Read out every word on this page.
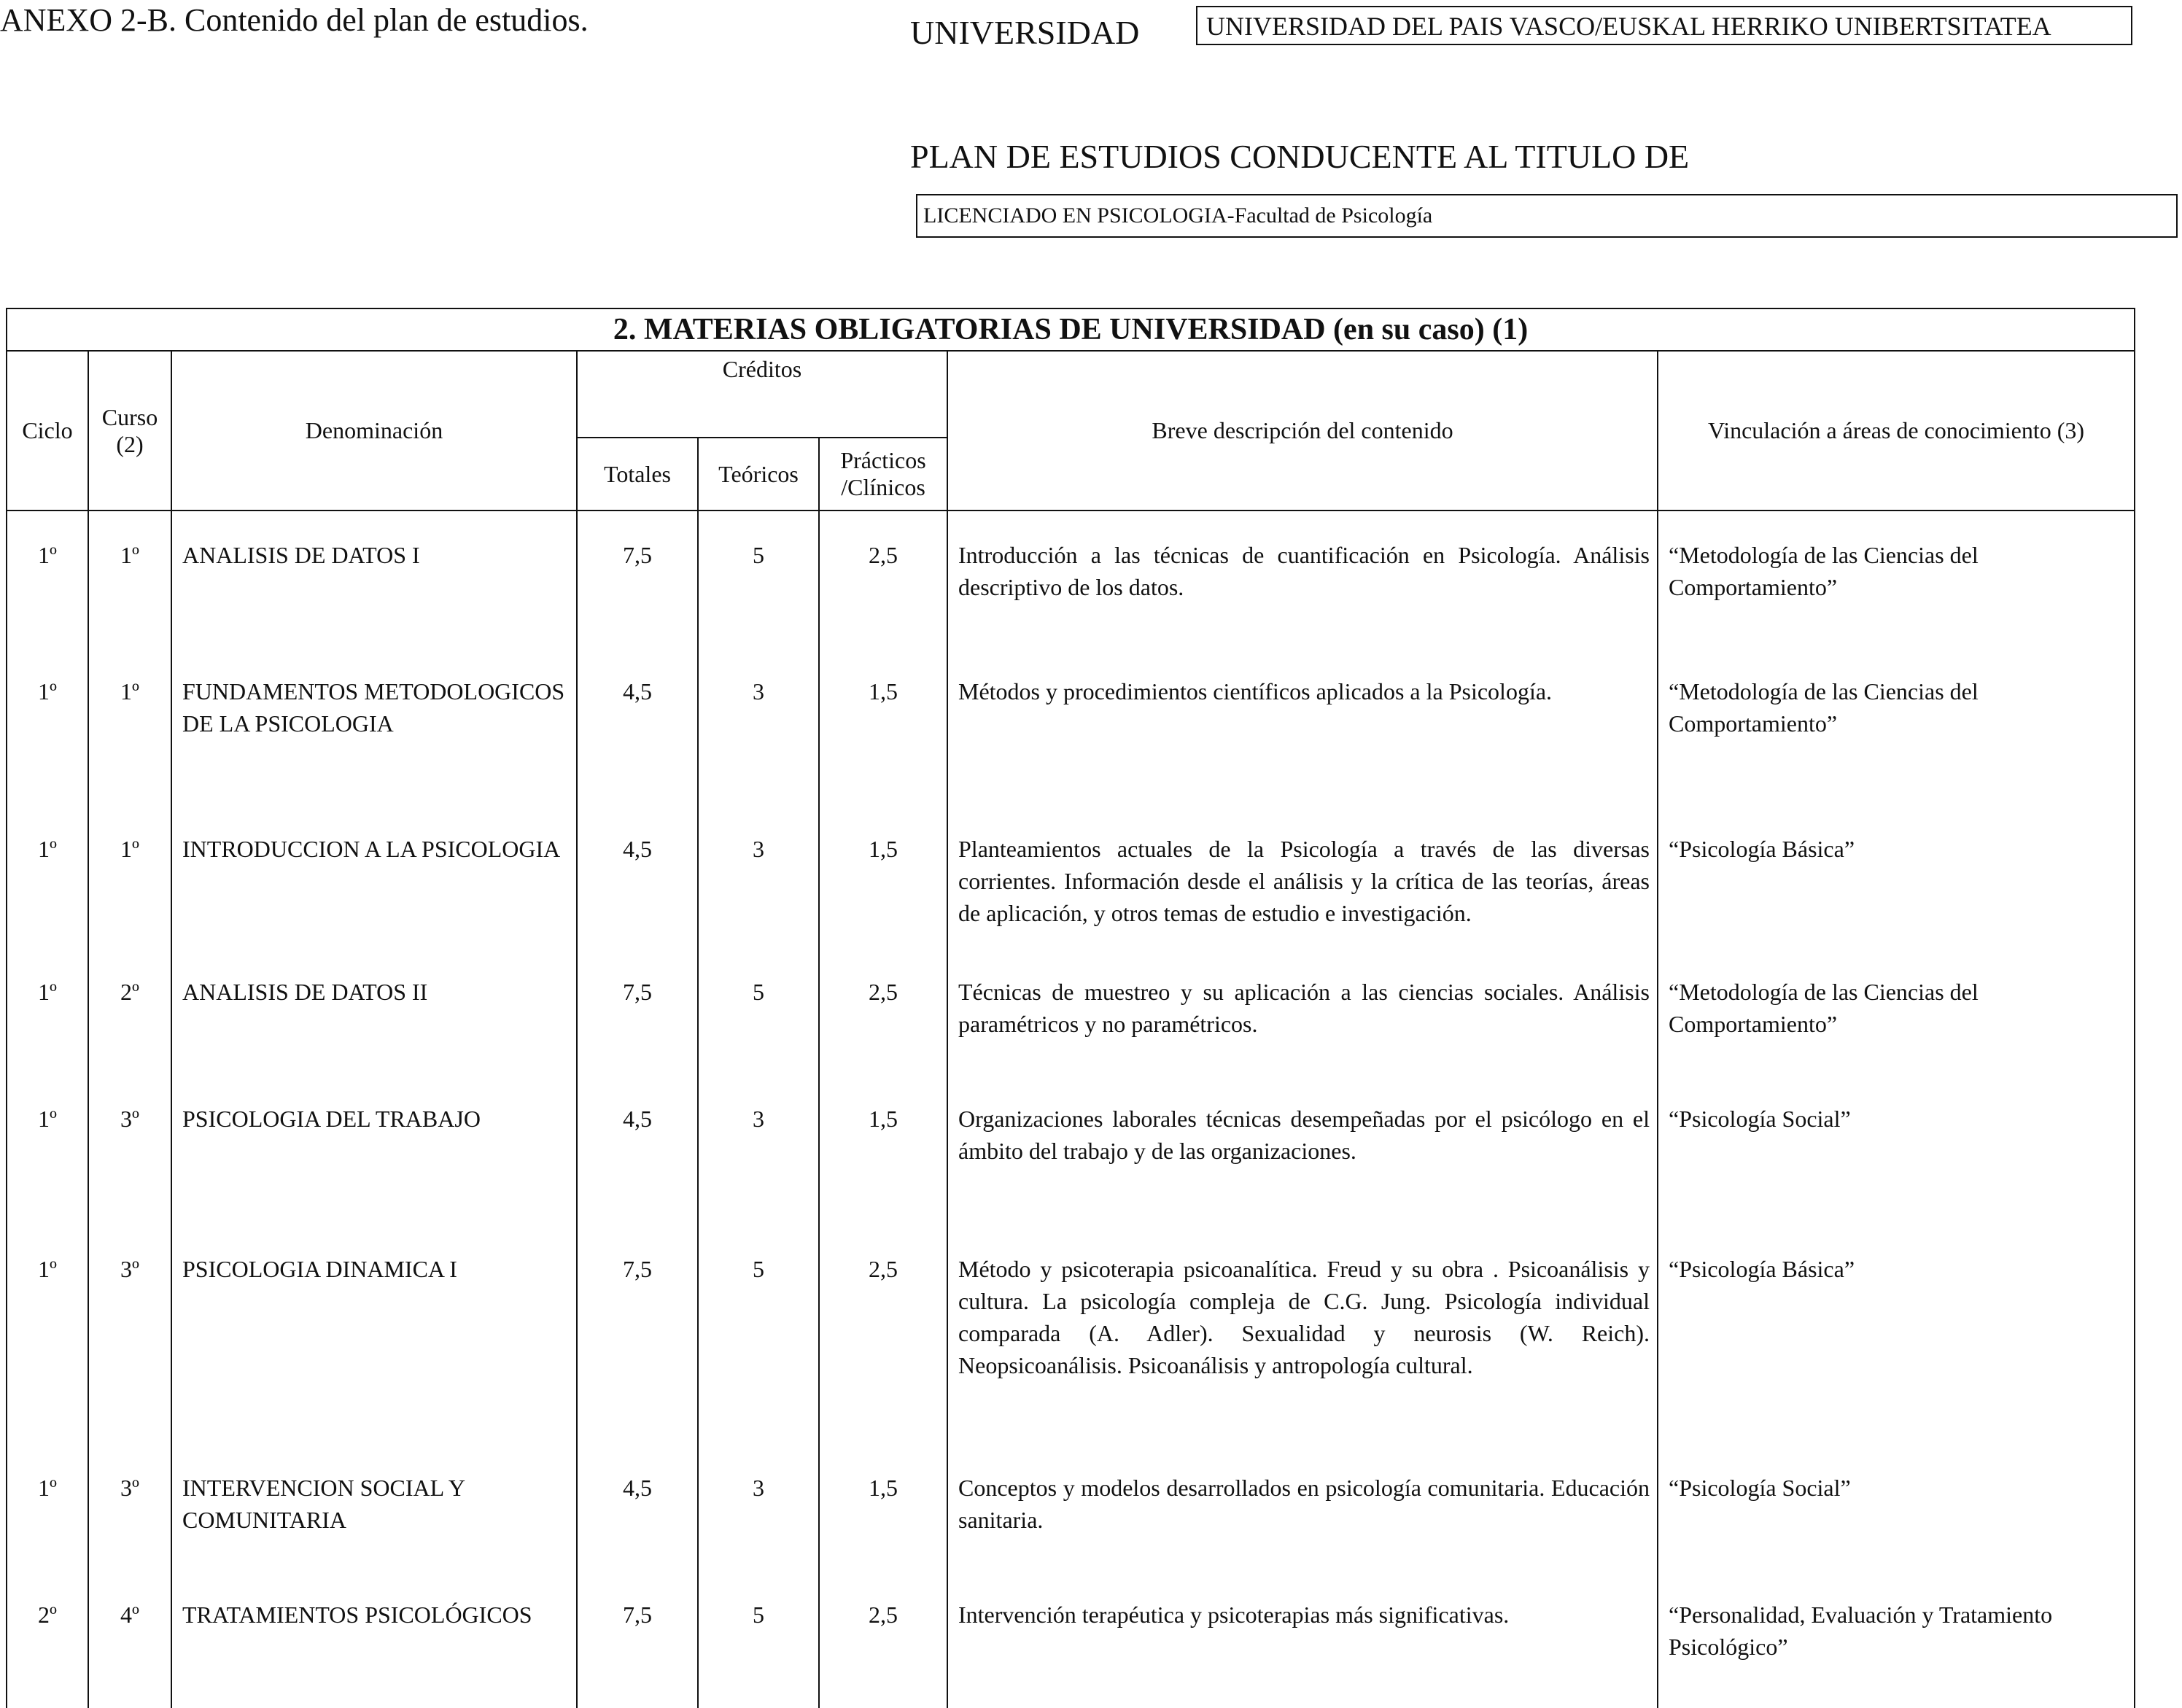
ANEXO 2-B. Contenido del plan de estudios.	UNIVERSIDAD	UNIVERSIDAD DEL PAIS VASCO/EUSKAL HERRIKO UNIBERTSITATEA
PLAN DE ESTUDIOS CONDUCENTE AL TITULO DE
LICENCIADO EN PSICOLOGIA-Facultad de Psicología
2. MATERIAS OBLIGATORIAS DE UNIVERSIDAD (en su caso) (1)							
Ciclo	Curso (2)	Denominación	Créditos			Breve descripción del contenido	Vinculación a áreas de conocimiento (3)
			Totales	Teóricos	Prácticos /Clínicos		
1º	1º	ANALISIS DE DATOS I	7,5	5	2,5	Introducción a las técnicas de cuantificación en Psicología. Análisis descriptivo de los datos.	“Metodología de las Ciencias del Comportamiento”
1º	1º	FUNDAMENTOS METODOLOGICOS DE LA PSICOLOGIA	4,5	3	1,5	Métodos y procedimientos científicos aplicados a la Psicología.	“Metodología de las Ciencias del Comportamiento”
1º	1º	INTRODUCCION A LA PSICOLOGIA	4,5	3	1,5	Planteamientos actuales de la Psicología a través de las diversas corrientes. Información desde el análisis y la crítica de las teorías, áreas de aplicación, y otros temas de estudio e investigación.	“Psicología Básica”
1º	2º	ANALISIS DE DATOS II	7,5	5	2,5	Técnicas de muestreo y su aplicación a las ciencias sociales. Análisis paramétricos y no paramétricos.	“Metodología de las Ciencias del Comportamiento”
1º	3º	PSICOLOGIA DEL TRABAJO	4,5	3	1,5	Organizaciones laborales técnicas desempeñadas por el psicólogo en el ámbito del trabajo y de las organizaciones.	“Psicología Social”
1º	3º	PSICOLOGIA DINAMICA I	7,5	5	2,5	Método y psicoterapia psicoanalítica. Freud y su obra . Psicoanálisis y cultura. La psicología compleja de C.G. Jung. Psicología individual comparada (A. Adler). Sexualidad y neurosis (W. Reich). Neopsicoanálisis. Psicoanálisis y antropología cultural.	“Psicología Básica”
1º	3º	INTERVENCION SOCIAL Y COMUNITARIA	4,5	3	1,5	Conceptos y modelos desarrollados en psicología comunitaria. Educación sanitaria.	“Psicología Social”
2º	4º	TRATAMIENTOS PSICOLÓGICOS	7,5	5	2,5	Intervención terapéutica y psicoterapias más significativas.	“Personalidad, Evaluación y Tratamiento Psicológico”
